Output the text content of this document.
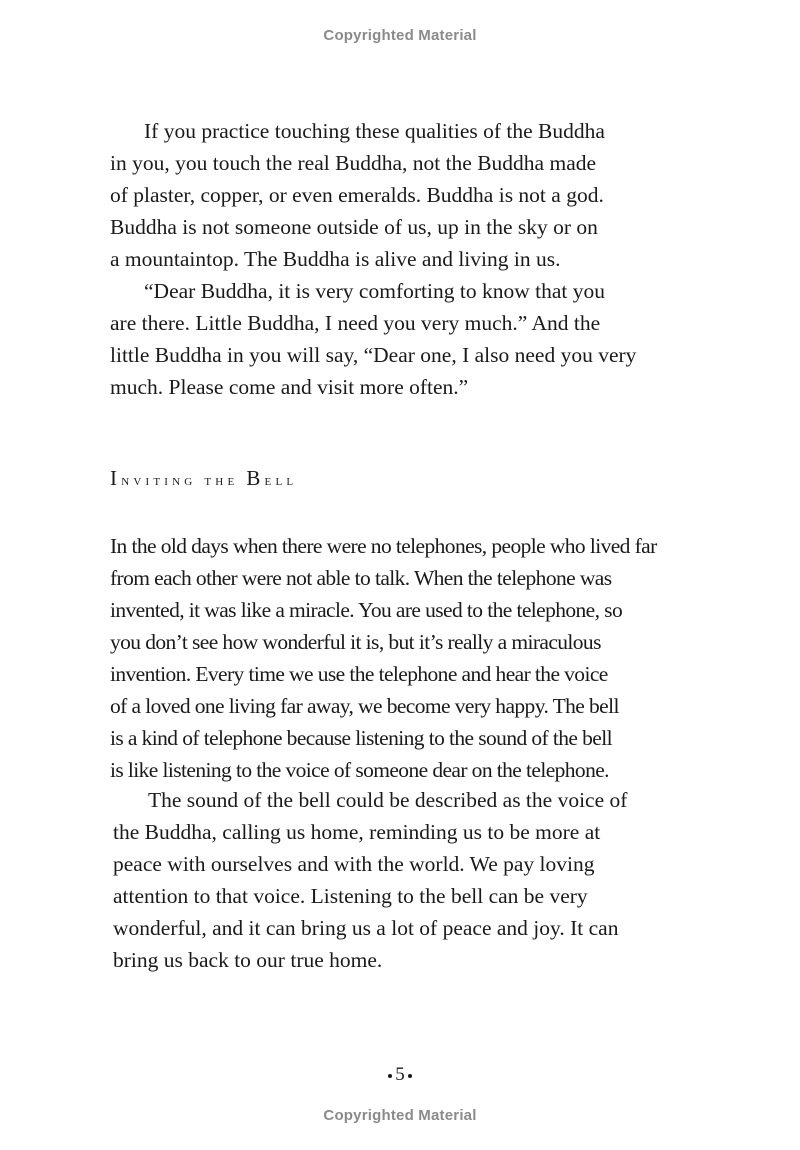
Copyrighted Material
If you practice touching these qualities of the Buddha
in you, you touch the real Buddha, not the Buddha made
of plaster, copper, or even emeralds. Buddha is not a god.
Buddha is not someone outside of us, up in the sky or on
a mountaintop. The Buddha is alive and living in us.
“Dear Buddha, it is very comforting to know that you
are there. Little Buddha, I need you very much.” And the
little Buddha in you will say, “Dear one, I also need you very
much. Please come and visit more often.”
Inviting the Bell
In the old days when there were no telephones, people who lived far
from each other were not able to talk. When the telephone was
invented, it was like a miracle. You are used to the telephone, so
you don’t see how wonderful it is, but it’s really a miraculous
invention. Every time we use the telephone and hear the voice
of a loved one living far away, we become very happy. The bell
is a kind of telephone because listening to the sound of the bell
is like listening to the voice of someone dear on the telephone.
The sound of the bell could be described as the voice of
the Buddha, calling us home, reminding us to be more at
peace with ourselves and with the world. We pay loving
attention to that voice. Listening to the bell can be very
wonderful, and it can bring us a lot of peace and joy. It can
bring us back to our true home.
5
Copyrighted Material
